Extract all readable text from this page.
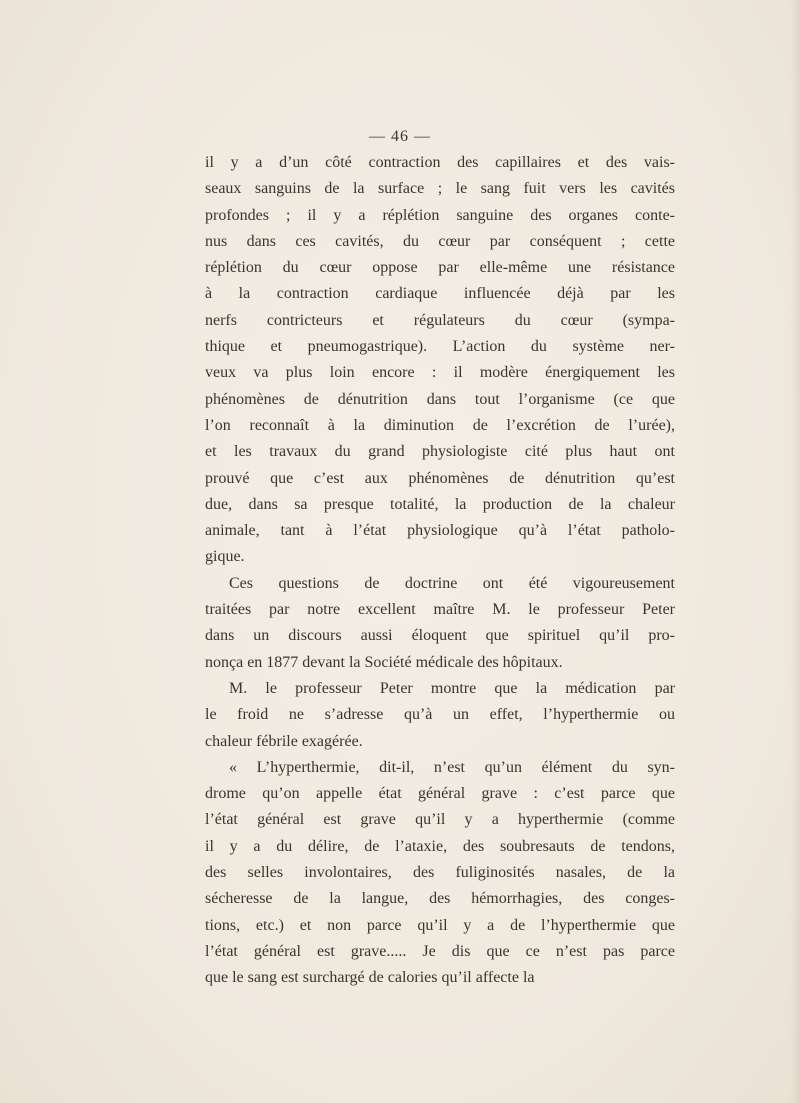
— 46 —

il y a d’un côté contraction des capillaires et des vais-
seaux sanguins de la surface ; le sang fuit vers les cavités
profondes ; il y a réplétion sanguine des organes conte-
nus dans ces cavités, du cœur par conséquent ; cette
réplétion du cœur oppose par elle-même une résistance
à la contraction cardiaque influencée déjà par les
nerfs contricteurs et régulateurs du cœur (sympa-
thique et pneumogastrique). L’action du système ner-
veux va plus loin encore : il modère énergiquement les
phénomènes de dénutrition dans tout l’organisme (ce que
l’on reconnaît à la diminution de l’excrétion de l’urée),
et les travaux du grand physiologiste cité plus haut ont
prouvé que c’est aux phénomènes de dénutrition qu’est
due, dans sa presque totalité, la production de la chaleur
animale, tant à l’état physiologique qu’à l’état patholo-
gique.

Ces questions de doctrine ont été vigoureusement
traitées par notre excellent maître M. le professeur Peter
dans un discours aussi éloquent que spirituel qu’il pro-
nonça en 1877 devant la Société médicale des hôpitaux.

M. le professeur Peter montre que la médication par
le froid ne s’adresse qu’à un effet, l’hyperthermie ou
chaleur fébrile exagérée.

« L’hyperthermie, dit-il, n’est qu’un élément du syn-
drome qu’on appelle état général grave : c’est parce que
l’état général est grave qu’il y a hyperthermie (comme
il y a du délire, de l’ataxie, des soubresauts de tendons,
des selles involontaires, des fuliginosités nasales, de la
sécheresse de la langue, des hémorrhagies, des conges-
tions, etc.) et non parce qu’il y a de l’hyperthermie que
l’état général est grave..... Je dis que ce n’est pas parce
que le sang est surchargé de calories qu’il affecte la
